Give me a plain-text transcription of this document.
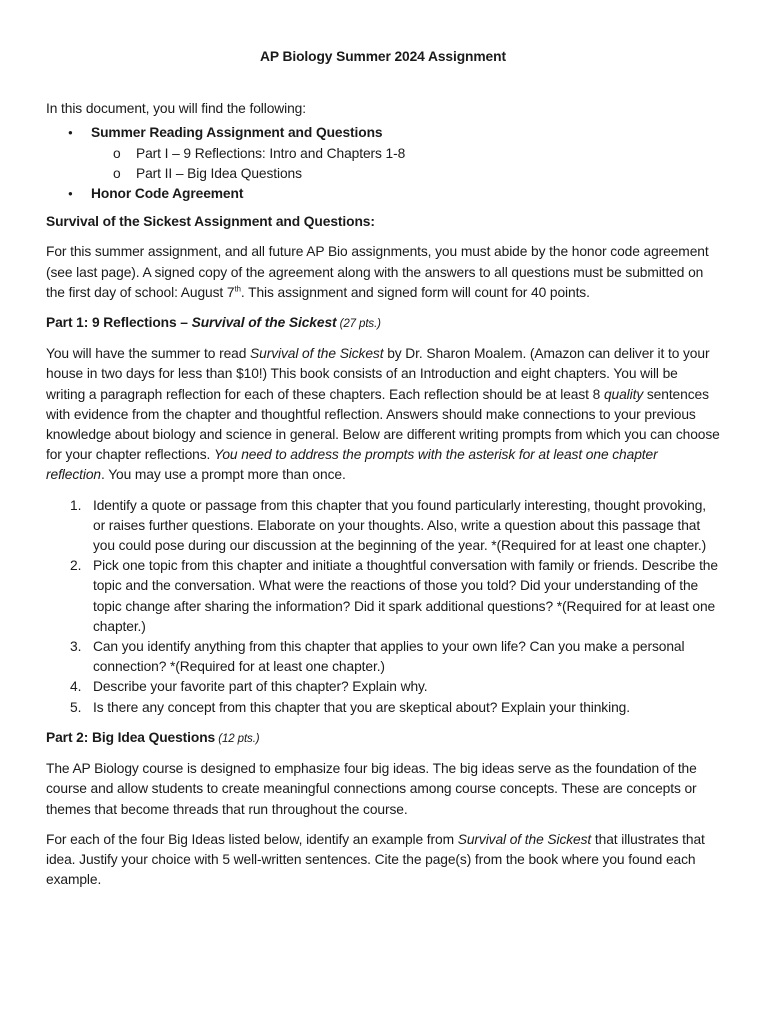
AP Biology Summer 2024 Assignment

In this document, you will find the following:

● Summer Reading Assignment and Questions
o Part I – 9 Reflections: Intro and Chapters 1-8
o Part II – Big Idea Questions
● Honor Code Agreement

Survival of the Sickest Assignment and Questions:

For this summer assignment, and all future AP Bio assignments, you must abide by the honor code agreement (see last page). A signed copy of the agreement along with the answers to all questions must be submitted on the first day of school: August 7th. This assignment and signed form will count for 40 points.

Part 1: 9 Reflections – Survival of the Sickest (27 pts.)

You will have the summer to read Survival of the Sickest by Dr. Sharon Moalem. (Amazon can deliver it to your house in two days for less than $10!) This book consists of an Introduction and eight chapters. You will be writing a paragraph reflection for each of these chapters. Each reflection should be at least 8 quality sentences with evidence from the chapter and thoughtful reflection. Answers should make connections to your previous knowledge about biology and science in general. Below are different writing prompts from which you can choose for your chapter reflections. You need to address the prompts with the asterisk for at least one chapter reflection. You may use a prompt more than once.

1. Identify a quote or passage from this chapter that you found particularly interesting, thought provoking, or raises further questions. Elaborate on your thoughts. Also, write a question about this passage that you could pose during our discussion at the beginning of the year. *(Required for at least one chapter.)
2. Pick one topic from this chapter and initiate a thoughtful conversation with family or friends. Describe the topic and the conversation. What were the reactions of those you told? Did your understanding of the topic change after sharing the information? Did it spark additional questions? *(Required for at least one chapter.)
3. Can you identify anything from this chapter that applies to your own life? Can you make a personal connection? *(Required for at least one chapter.)
4. Describe your favorite part of this chapter? Explain why.
5. Is there any concept from this chapter that you are skeptical about? Explain your thinking.

Part 2: Big Idea Questions (12 pts.)

The AP Biology course is designed to emphasize four big ideas. The big ideas serve as the foundation of the course and allow students to create meaningful connections among course concepts. These are concepts or themes that become threads that run throughout the course.

For each of the four Big Ideas listed below, identify an example from Survival of the Sickest that illustrates that idea. Justify your choice with 5 well-written sentences. Cite the page(s) from the book where you found each example.
